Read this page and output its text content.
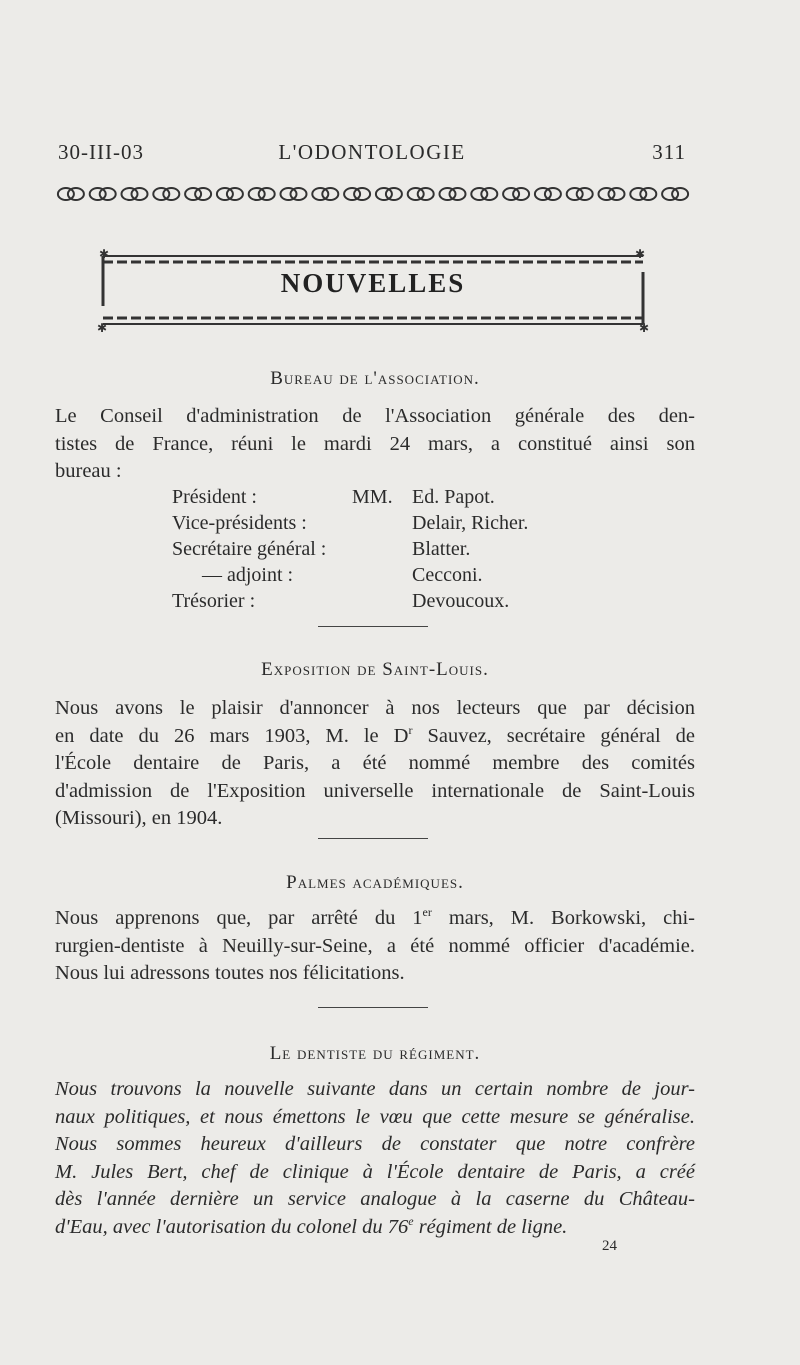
30-III-03	L'ODONTOLOGIE	311
✱	✱
✱	✱
NOUVELLES
Bureau de l'association.
Le Conseil d'administration de l'Association générale des den-
tistes de France, réuni le mardi 24 mars, a constitué ainsi son
bureau :
MM.
Président :	Ed. Papot.
Vice-présidents :	Delair, Richer.
Secrétaire général :	Blatter.
— adjoint :	Cecconi.
Trésorier :	Devoucoux.
Exposition de Saint-Louis.
Nous avons le plaisir d'annoncer à nos lecteurs que par décision
en date du 26 mars 1903, M. le $D^r$ Sauvez, secrétaire général de
l'École dentaire de Paris, a été nommé membre des comités
d'admission de l'Exposition universelle internationale de Saint-Louis
(Missouri), en 1904.
Palmes académiques.
Nous apprenons que, par arrêté du 1er mars, M. Borkowski, chi-
rurgien-dentiste à Neuilly-sur-Seine, a été nommé officier d'académie.
Nous lui adressons toutes nos félicitations.
Le dentiste du régiment.
Nous trouvons la nouvelle suivante dans un certain nombre de jour-
naux politiques, et nous émettons le vœu que cette mesure se généralise.
Nous sommes heureux d'ailleurs de constater que notre confrère
M. Jules Bert, chef de clinique à l'École dentaire de Paris, a créé
dès l'année dernière un service analogue à la caserne du Château-
d'Eau, avec l'autorisation du colonel du 76e régiment de ligne.
24
